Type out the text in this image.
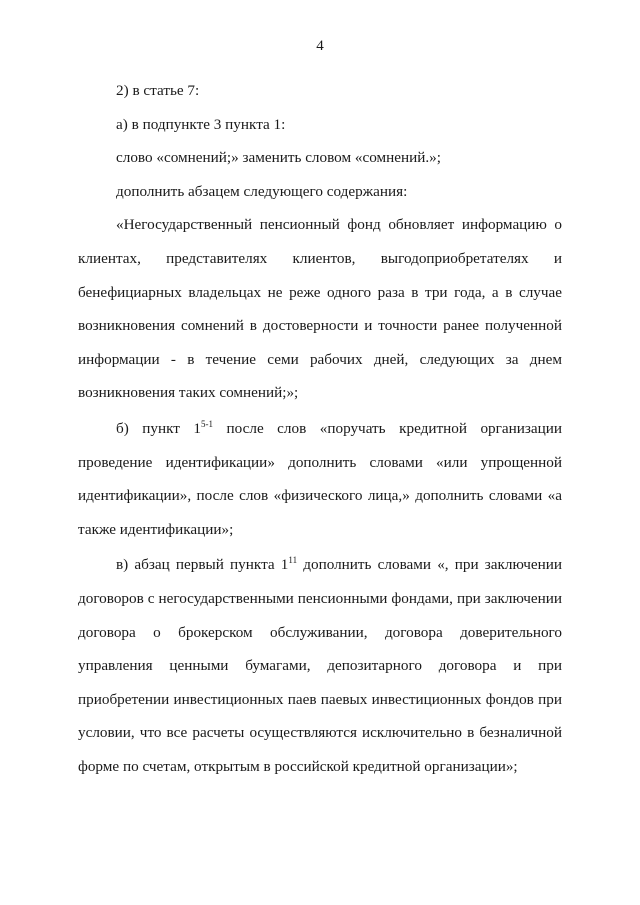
4

2) в статье 7:

а) в подпункте 3 пункта 1:

слово «сомнений;» заменить словом «сомнений.»;

дополнить абзацем следующего содержания:

«Негосударственный пенсионный фонд обновляет информацию о клиентах, представителях клиентов, выгодоприобретателях и бенефициарных владельцах не реже одного раза в три года, а в случае возникновения сомнений в достоверности и точности ранее полученной информации - в течение семи рабочих дней, следующих за днем возникновения таких сомнений;»;

б) пункт 1$^{5-1}$ после слов «поручать кредитной организации проведение идентификации» дополнить словами «или упрощенной идентификации», после слов «физического лица,» дополнить словами «а также идентификации»;

в) абзац первый пункта $1^{11}$ дополнить словами «, при заключении договоров с негосударственными пенсионными фондами, при заключении договора о брокерском обслуживании, договора доверительного управления ценными бумагами, депозитарного договора и при приобретении инвестиционных паев паевых инвестиционных фондов при условии, что все расчеты осуществляются исключительно в безналичной форме по счетам, открытым в российской кредитной организации»;
